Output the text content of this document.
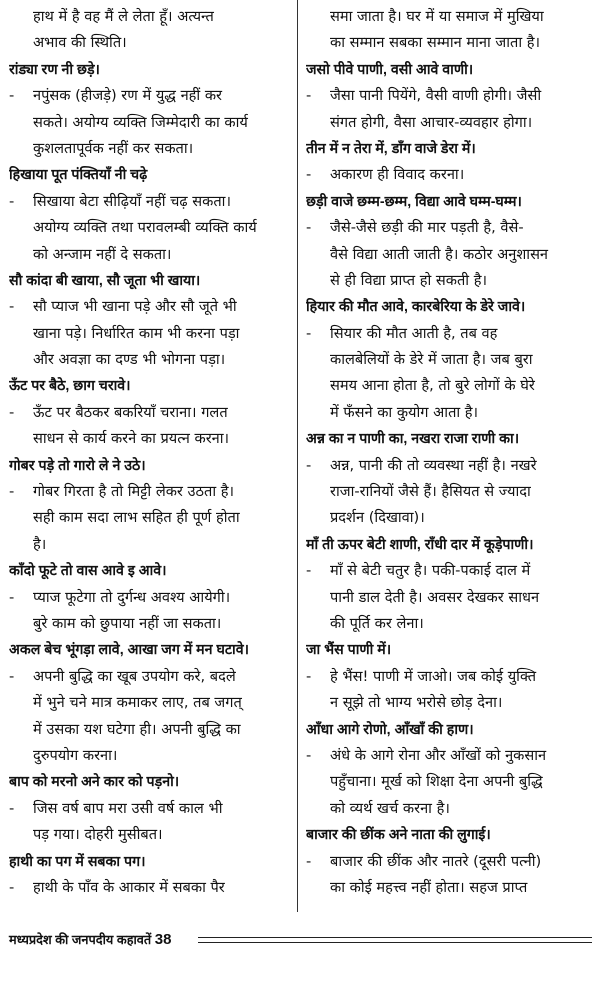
हाथ में है वह मैं ले लेता हूँ। अत्यन्त
अभाव की स्थिति।
रांड्या रण नी छड़े।
-	नपुंसक (हीजड़े) रण में युद्ध नहीं कर
सकते। अयोग्य व्यक्ति जिम्मेदारी का कार्य
कुशलतापूर्वक नहीं कर सकता।
हिखाया पूत पंक्तियाँ नी चढ़े
-	सिखाया बेटा सीढ़ियाँ नहीं चढ़ सकता।
अयोग्य व्यक्ति तथा परावलम्बी व्यक्ति कार्य
को अन्जाम नहीं दे सकता।
सौ कांदा बी खाया, सौ जूता भी खाया।
-	सौ प्याज भी खाना पड़े और सौ जूते भी
खाना पड़े। निर्धारित काम भी करना पड़ा
और अवज्ञा का दण्ड भी भोगना पड़ा।
ऊँट पर बैठे, छाग चरावे।
-	ऊँट पर बैठकर बकरियाँ चराना। गलत
साधन से कार्य करने का प्रयत्न करना।
गोबर पड़े तो गारो ले ने उठे।
-	गोबर गिरता है तो मिट्टी लेकर उठता है।
सही काम सदा लाभ सहित ही पूर्ण होता
है।
काँदो फूटे तो वास आवे इ आवे।
-	प्याज फूटेगा तो दुर्गन्ध अवश्य आयेगी।
बुरे काम को छुपाया नहीं जा सकता।
अकल बेच भूंगड़ा लावे, आखा जग में मन घटावे।
-	अपनी बुद्धि का खूब उपयोग करे, बदले
में भुने चने मात्र कमाकर लाए, तब जगत्
में उसका यश घटेगा ही। अपनी बुद्धि का
दुरुपयोग करना।
बाप को मरनो अने कार को पड़नो।
-	जिस वर्ष बाप मरा उसी वर्ष काल भी
पड़ गया। दोहरी मुसीबत।
हाथी का पग में सबका पग।
-	हाथी के पाँव के आकार में सबका पैर
समा जाता है। घर में या समाज में मुखिया
का सम्मान सबका सम्मान माना जाता है।
जसो पीवे पाणी, वसी आवे वाणी।
-	जैसा पानी पियेंगे, वैसी वाणी होगी। जैसी
संगत होगी, वैसा आचार-व्यवहार होगा।
तीन में न तेरा में, डाँग वाजे डेरा में।
-	अकारण ही विवाद करना।
छड़ी वाजे छम्म-छम्म, विद्या आवे घम्म-घम्म।
-	जैसे-जैसे छड़ी की मार पड़ती है, वैसे-
वैसे विद्या आती जाती है। कठोर अनुशासन
से ही विद्या प्राप्त हो सकती है।
हियार की मौत आवे, कारबेरिया के डेरे जावे।
-	सियार की मौत आती है, तब वह
कालबेलियों के डेरे में जाता है। जब बुरा
समय आना होता है, तो बुरे लोगों के घेरे
में फँसने का कुयोग आता है।
अन्न का न पाणी का, नखरा राजा राणी का।
-	अन्न, पानी की तो व्यवस्था नहीं है। नखरे
राजा-रानियों जैसे हैं। हैसियत से ज्यादा
प्रदर्शन (दिखावा)।
माँ ती ऊपर बेटी शाणी, राँधी दार में कूड़ेपाणी।
-	माँ से बेटी चतुर है। पकी-पकाई दाल में
पानी डाल देती है। अवसर देखकर साधन
की पूर्ति कर लेना।
जा भैंस पाणी में।
-	हे भैंस! पाणी में जाओ। जब कोई युक्ति
न सूझे तो भाग्य भरोसे छोड़ देना।
आँधा आगे रोणो, आँखाँ की हाण।
-	अंधे के आगे रोना और आँखों को नुकसान
पहुँचाना। मूर्ख को शिक्षा देना अपनी बुद्धि
को व्यर्थ खर्च करना है।
बाजार की छींक अने नाता की लुगाई।
-	बाजार की छींक और नातरे (दूसरी पत्नी)
का कोई महत्त्व नहीं होता। सहज प्राप्त
मध्यप्रदेश की जनपदीय कहावतें 38
